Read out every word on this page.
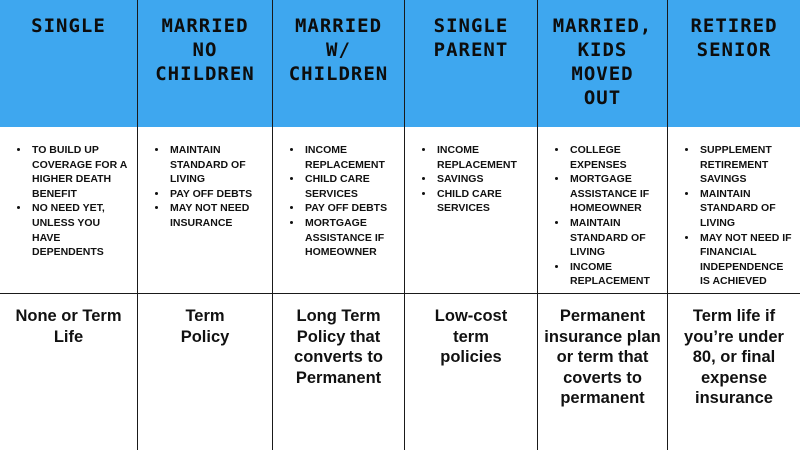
SINGLE	MARRIED
NO
CHILDREN
MARRIED
W/
CHILDREN
SINGLE
PARENT
MARRIED,
KIDS
MOVED
OUT
RETIRED
SENIOR
• TO BUILD UP COVERAGE FOR A HIGHER DEATH BENEFIT
• NO NEED YET, UNLESS YOU HAVE DEPENDENTS
• MAINTAIN STANDARD OF LIVING
• PAY OFF DEBTS
• MAY NOT NEED INSURANCE
• INCOME REPLACEMENT
• CHILD CARE SERVICES
• PAY OFF DEBTS
• MORTGAGE ASSISTANCE IF HOMEOWNER
• INCOME REPLACEMENT
• SAVINGS
• CHILD CARE SERVICES
• COLLEGE EXPENSES
• MORTGAGE ASSISTANCE IF HOMEOWNER
• MAINTAIN STANDARD OF LIVING
• INCOME REPLACEMENT
• SUPPLEMENT RETIREMENT SAVINGS
• MAINTAIN STANDARD OF LIVING
• MAY NOT NEED IF FINANCIAL INDEPENDENCE IS ACHIEVED
None or Term Life
Term Policy
Long Term Policy that converts to Permanent
Low-cost term policies
Permanent insurance plan or term that coverts to permanent
Term life if you’re under 80, or final expense insurance
